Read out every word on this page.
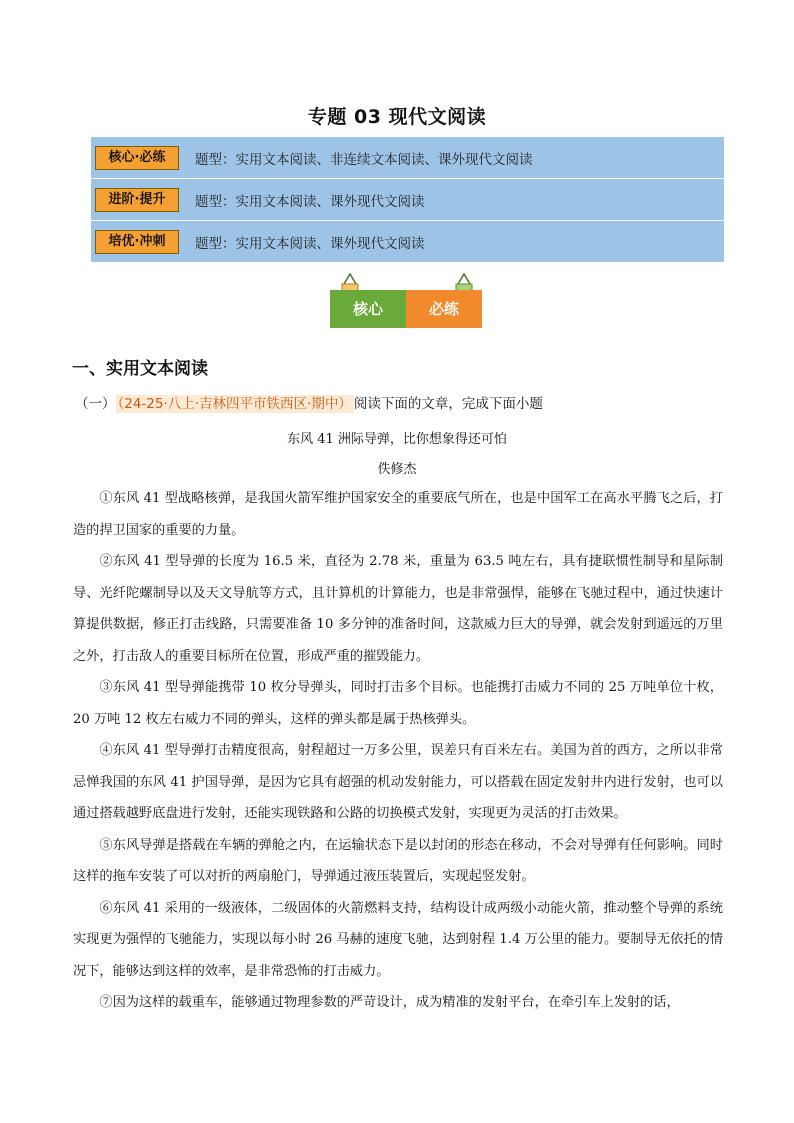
专题 03 现代文阅读
核心·必练	题型：实用文本阅读、非连续文本阅读、课外现代文阅读
进阶·提升	题型：实用文本阅读、课外现代文阅读
培优·冲刺	题型：实用文本阅读、课外现代文阅读
核心	必练
一、实用文本阅读
（一） （24-25·八上·吉林四平市铁西区·期中） 阅读下面的文章，完成下面小题
东风 41 洲际导弹，比你想象得还可怕
佚修杰

①东风 41 型战略核弹，是我国火箭军维护国家安全的重要底气所在，也是中国军工在高水平腾飞之后，打造的捍卫国家的重要的力量。

②东风 41 型导弹的长度为 16.5 米，直径为 2.78 米，重量为 63.5 吨左右，具有捷联惯性制导和星际制导、光纤陀螺制导以及天文导航等方式，且计算机的计算能力，也是非常强悍，能够在飞驰过程中，通过快速计算提供数据，修正打击线路，只需要准备 10 多分钟的准备时间，这款威力巨大的导弹，就会发射到遥远的万里之外，打击敌人的重要目标所在位置，形成严重的摧毁能力。

③东风 41 型导弹能携带 10 枚分导弹头，同时打击多个目标。也能携打击威力不同的 25 万吨单位十枚，20 万吨 12 枚左右威力不同的弹头，这样的弹头都是属于热核弹头。

④东风 41 型导弹打击精度很高，射程超过一万多公里，误差只有百米左右。美国为首的西方，之所以非常忌惮我国的东风 41 护国导弹，是因为它具有超强的机动发射能力，可以搭载在固定发射井内进行发射，也可以通过搭载越野底盘进行发射，还能实现铁路和公路的切换模式发射，实现更为灵活的打击效果。

⑤东风导弹是搭载在车辆的弹舱之内，在运输状态下是以封闭的形态在移动，不会对导弹有任何影响。同时这样的拖车安装了可以对折的两扇舱门，导弹通过液压装置后，实现起竖发射。

⑥东风 41 采用的一级液体，二级固体的火箭燃料支持，结构设计成两级小动能火箭，推动整个导弹的系统实现更为强悍的飞驰能力，实现以每小时 26 马赫的速度飞驰，达到射程 1.4 万公里的能力。要制导无依托的情况下，能够达到这样的效率，是非常恐怖的打击威力。

⑦因为这样的载重车，能够通过物理参数的严苛设计，成为精准的发射平台，在牵引车上发射的话，
